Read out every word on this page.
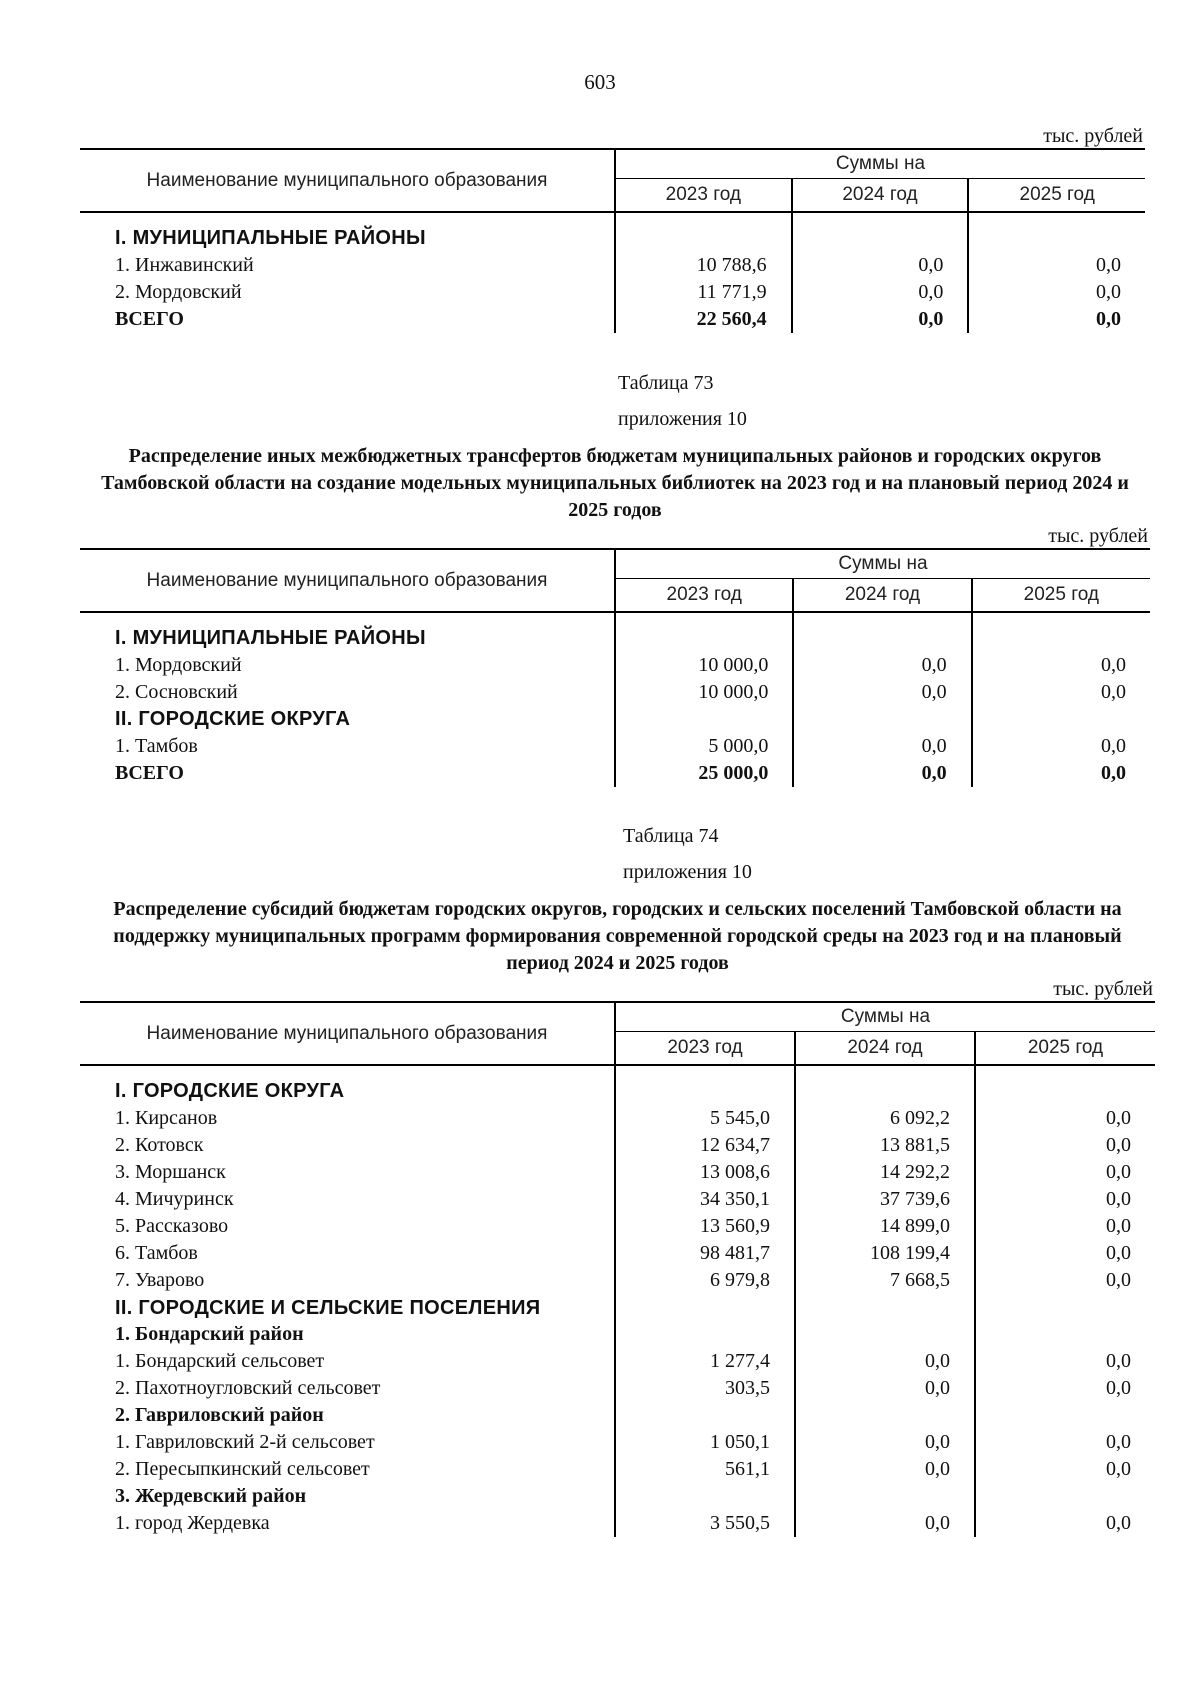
603
тыс. рублей
Наименование муниципального образования	Суммы на		
	2023 год	2024 год	2025 год

I. МУНИЦИПАЛЬНЫЕ РАЙОНЫ			
1. Инжавинский	10 788,6	0,0	0,0
2. Мордовский	11 771,9	0,0	0,0
ВСЕГО	22 560,4	0,0	0,0
Таблица 73
приложения 10
Распределение иных межбюджетных трансфертов бюджетам муниципальных районов и городских округов Тамбовской области на создание модельных муниципальных библиотек на 2023 год и на плановый период 2024 и 2025 годов
тыс. рублей
Наименование муниципального образования	Суммы на		
	2023 год	2024 год	2025 год

I. МУНИЦИПАЛЬНЫЕ РАЙОНЫ			
1. Мордовский	10 000,0	0,0	0,0
2. Сосновский	10 000,0	0,0	0,0
II. ГОРОДСКИЕ ОКРУГА			
1. Тамбов	5 000,0	0,0	0,0
ВСЕГО	25 000,0	0,0	0,0
Таблица 74
приложения 10
Распределение субсидий бюджетам городских округов, городских и сельских поселений Тамбовской области на поддержку муниципальных программ формирования современной городской среды на 2023 год и на плановый период 2024 и 2025 годов
тыс. рублей
Наименование муниципального образования	Суммы на		
	2023 год	2024 год	2025 год

I. ГОРОДСКИЕ ОКРУГА			
1. Кирсанов	5 545,0	6 092,2	0,0
2. Котовск	12 634,7	13 881,5	0,0
3. Моршанск	13 008,6	14 292,2	0,0
4. Мичуринск	34 350,1	37 739,6	0,0
5. Рассказово	13 560,9	14 899,0	0,0
6. Тамбов	98 481,7	108 199,4	0,0
7. Уварово	6 979,8	7 668,5	0,0
II. ГОРОДСКИЕ И СЕЛЬСКИЕ ПОСЕЛЕНИЯ			
1. Бондарский район			
1. Бондарский сельсовет	1 277,4	0,0	0,0
2. Пахотноугловский сельсовет	303,5	0,0	0,0
2. Гавриловский район			
1. Гавриловский 2-й сельсовет	1 050,1	0,0	0,0
2. Пересыпкинский сельсовет	561,1	0,0	0,0
3. Жердевский район			
1. город Жердевка	3 550,5	0,0	0,0
